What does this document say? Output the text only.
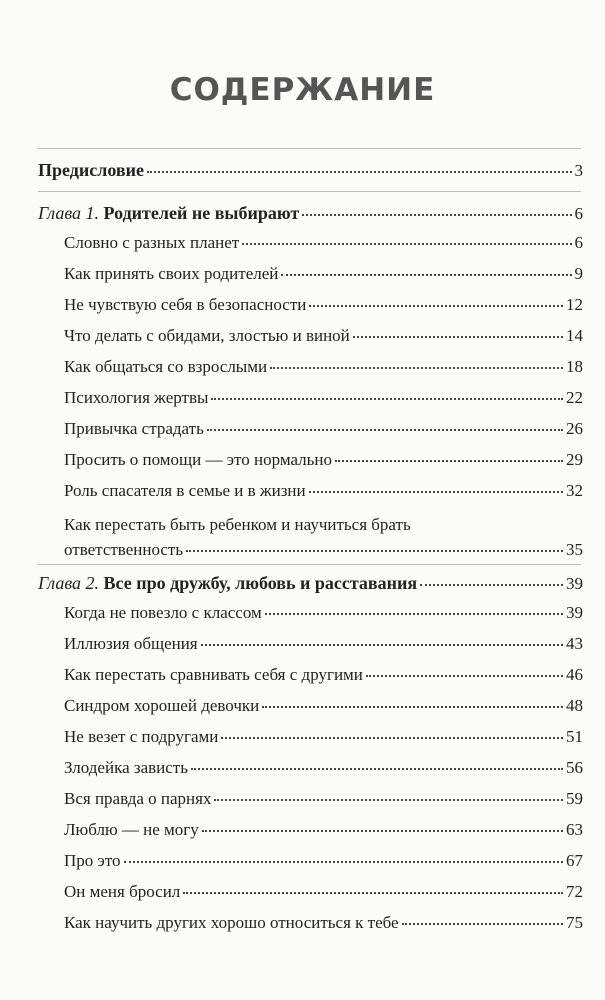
СОДЕРЖАНИЕ
Предисловие	3
Глава 1. Родителей не выбирают	6
Словно с разных планет	6
Как принять своих родителей	9
Не чувствую себя в безопасности	12
Что делать с обидами, злостью и виной	14
Как общаться со взрослыми	18
Психология жертвы	22
Привычка страдать	26
Просить о помощи — это нормально	29
Роль спасателя в семье и в жизни	32
Как перестать быть ребенком и научиться брать
ответственность	35
Глава 2. Все про дружбу, любовь и расставания	39
Когда не повезло с классом	39
Иллюзия общения	43
Как перестать сравнивать себя с другими	46
Синдром хорошей девочки	48
Не везет с подругами	51
Злодейка зависть	56
Вся правда о парнях	59
Люблю — не могу	63
Про это	67
Он меня бросил	72
Как научить других хорошо относиться к тебе	75
